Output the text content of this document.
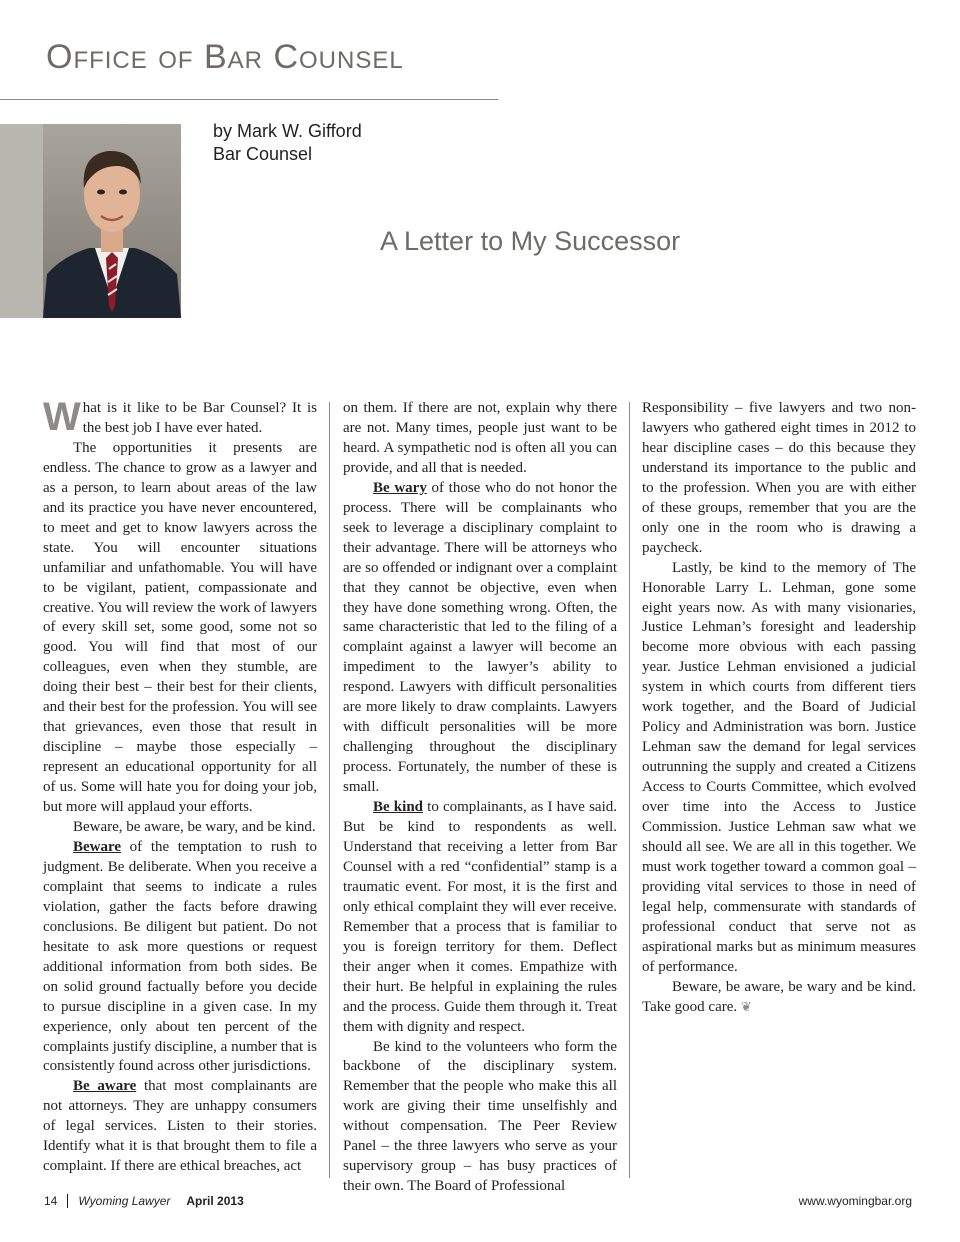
Office of Bar Counsel
by Mark W. Gifford
Bar Counsel
A Letter to My Successor

What is it like to be Bar Counsel? It is the best job I have ever hated.

The opportunities it presents are endless. The chance to grow as a lawyer and as a person, to learn about areas of the law and its practice you have never encountered, to meet and get to know lawyers across the state. You will encounter situations unfamiliar and unfathomable. You will have to be vigilant, patient, compassionate and creative. You will review the work of lawyers of every skill set, some good, some not so good. You will find that most of our colleagues, even when they stumble, are doing their best – their best for their clients, and their best for the profession. You will see that grievances, even those that result in discipline – maybe those especially – represent an educational opportunity for all of us. Some will hate you for doing your job, but more will applaud your efforts.

Beware, be aware, be wary, and be kind.

Beware of the temptation to rush to judgment. Be deliberate. When you receive a complaint that seems to indicate a rules violation, gather the facts before drawing conclusions. Be diligent but patient. Do not hesitate to ask more questions or request additional information from both sides. Be on solid ground factually before you decide to pursue discipline in a given case. In my experience, only about ten percent of the complaints justify discipline, a number that is consistently found across other jurisdictions.

Be aware that most complainants are not attorneys. They are unhappy consumers of legal services. Listen to their stories. Identify what it is that brought them to file a complaint. If there are ethical breaches, act

on them. If there are not, explain why there are not. Many times, people just want to be heard. A sympathetic nod is often all you can provide, and all that is needed.

Be wary of those who do not honor the process. There will be complainants who seek to leverage a disciplinary complaint to their advantage. There will be attorneys who are so offended or indignant over a complaint that they cannot be objective, even when they have done something wrong. Often, the same characteristic that led to the filing of a complaint against a lawyer will become an impediment to the lawyer’s ability to respond. Lawyers with difficult personalities are more likely to draw complaints. Lawyers with difficult personalities will be more challenging throughout the disciplinary process. Fortunately, the number of these is small.

Be kind to complainants, as I have said. But be kind to respondents as well. Understand that receiving a letter from Bar Counsel with a red “confidential” stamp is a traumatic event. For most, it is the first and only ethical complaint they will ever receive. Remember that a process that is familiar to you is foreign territory for them. Deflect their anger when it comes. Empathize with their hurt. Be helpful in explaining the rules and the process. Guide them through it. Treat them with dignity and respect.

Be kind to the volunteers who form the backbone of the disciplinary system. Remember that the people who make this all work are giving their time unselfishly and without compensation. The Peer Review Panel – the three lawyers who serve as your supervisory group – has busy practices of their own. The Board of Professional

Responsibility – five lawyers and two non-lawyers who gathered eight times in 2012 to hear discipline cases – do this because they understand its importance to the public and to the profession. When you are with either of these groups, remember that you are the only one in the room who is drawing a paycheck.

Lastly, be kind to the memory of The Honorable Larry L. Lehman, gone some eight years now. As with many visionaries, Justice Lehman’s foresight and leadership become more obvious with each passing year. Justice Lehman envisioned a judicial system in which courts from different tiers work together, and the Board of Judicial Policy and Administration was born. Justice Lehman saw the demand for legal services outrunning the supply and created a Citizens Access to Courts Committee, which evolved over time into the Access to Justice Commission. Justice Lehman saw what we should all see. We are all in this together. We must work together toward a common goal – providing vital services to those in need of legal help, commensurate with standards of professional conduct that serve not as aspirational marks but as minimum measures of performance.

Beware, be aware, be wary and be kind. Take good care. ❦

14 Wyoming Lawyer April 2013	www.wyomingbar.org
